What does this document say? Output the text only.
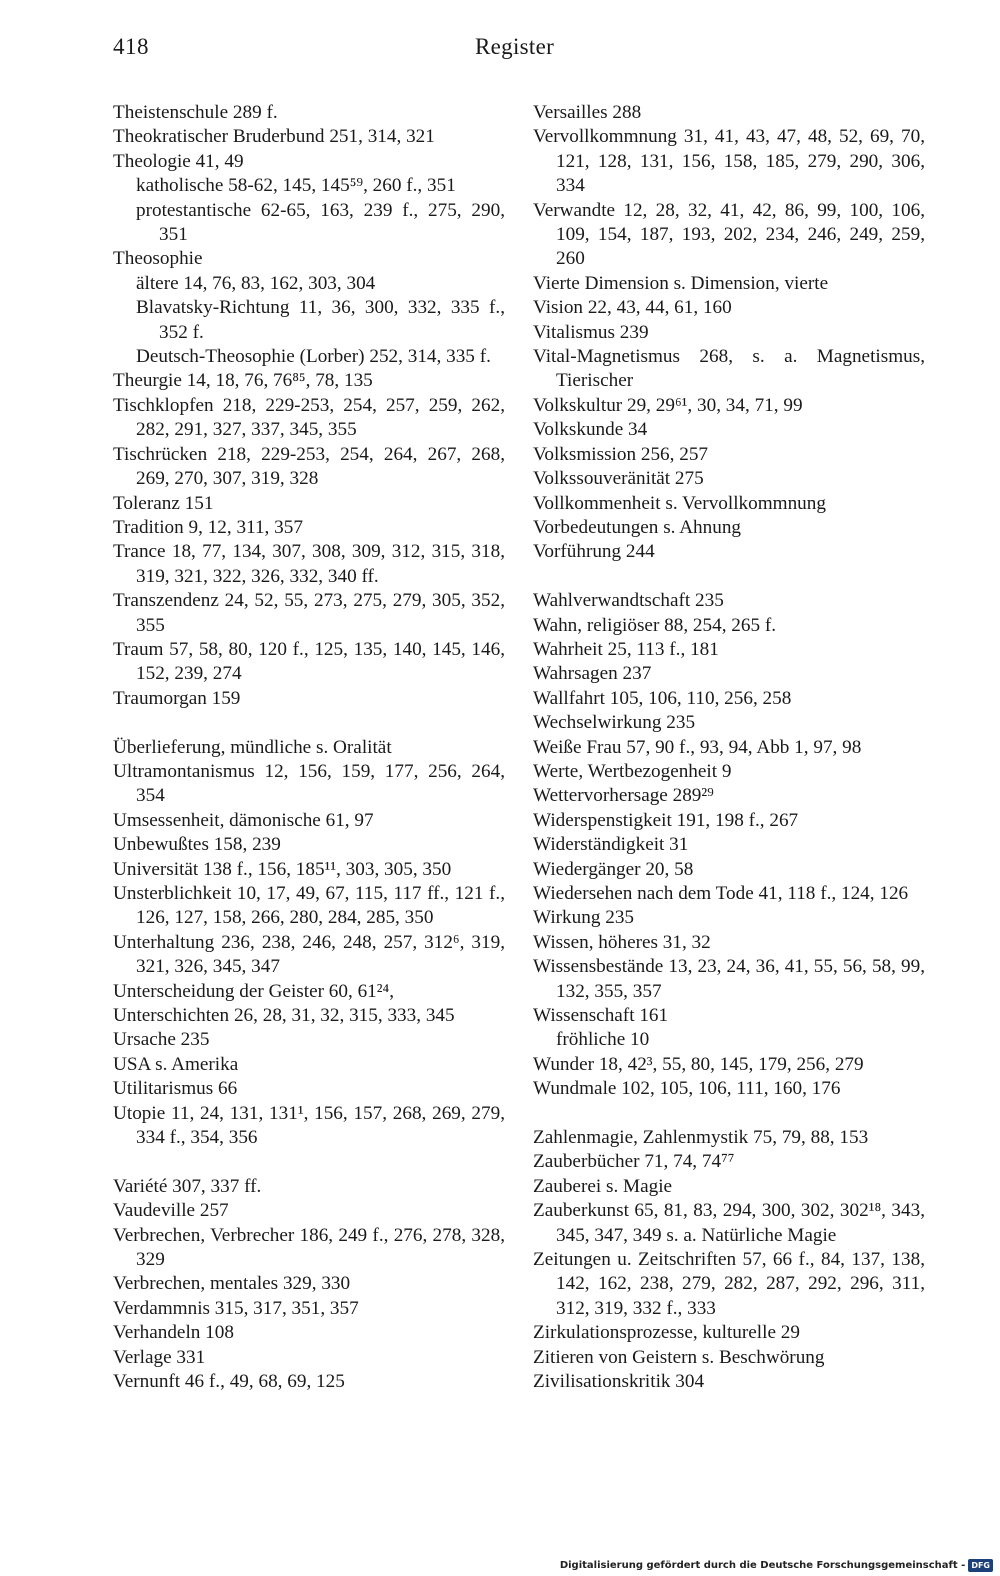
418	Register

Theistenschule 289 f.

Theokratischer Bruderbund 251, 314, 321

Theologie 41, 49

katholische 58-62, 145, 145⁵⁹, 260 f., 351

protestantische 62-65, 163, 239 f., 275, 290, 351

Theosophie

ältere 14, 76, 83, 162, 303, 304

Blavatsky-Richtung 11, 36, 300, 332, 335 f., 352 f.

Deutsch-Theosophie (Lorber) 252, 314, 335 f.

Theurgie 14, 18, 76, 76⁸⁵, 78, 135

Tischklopfen 218, 229-253, 254, 257, 259, 262, 282, 291, 327, 337, 345, 355

Tischrücken 218, 229-253, 254, 264, 267, 268, 269, 270, 307, 319, 328

Toleranz 151

Tradition 9, 12, 311, 357

Trance 18, 77, 134, 307, 308, 309, 312, 315, 318, 319, 321, 322, 326, 332, 340 ff.

Transzendenz 24, 52, 55, 273, 275, 279, 305, 352, 355

Traum 57, 58, 80, 120 f., 125, 135, 140, 145, 146, 152, 239, 274

Traumorgan 159

Überlieferung, mündliche s. Oralität

Ultramontanismus 12, 156, 159, 177, 256, 264, 354

Umsessenheit, dämonische 61, 97

Unbewußtes 158, 239

Universität 138 f., 156, 185¹¹, 303, 305, 350

Unsterblichkeit 10, 17, 49, 67, 115, 117 ff., 121 f., 126, 127, 158, 266, 280, 284, 285, 350

Unterhaltung 236, 238, 246, 248, 257, 312⁶, 319, 321, 326, 345, 347

Unterscheidung der Geister 60, 61²⁴,

Unterschichten 26, 28, 31, 32, 315, 333, 345

Ursache 235

USA s. Amerika

Utilitarismus 66

Utopie 11, 24, 131, 131¹, 156, 157, 268, 269, 279, 334 f., 354, 356

Variété 307, 337 ff.

Vaudeville 257

Verbrechen, Verbrecher 186, 249 f., 276, 278, 328, 329

Verbrechen, mentales 329, 330

Verdammnis 315, 317, 351, 357

Verhandeln 108

Verlage 331

Vernunft 46 f., 49, 68, 69, 125

Versailles 288

Vervollkommnung 31, 41, 43, 47, 48, 52, 69, 70, 121, 128, 131, 156, 158, 185, 279, 290, 306, 334

Verwandte 12, 28, 32, 41, 42, 86, 99, 100, 106, 109, 154, 187, 193, 202, 234, 246, 249, 259, 260

Vierte Dimension s. Dimension, vierte

Vision 22, 43, 44, 61, 160

Vitalismus 239

Vital-Magnetismus 268, s. a. Magnetismus, Tierischer

Volkskultur 29, 29⁶¹, 30, 34, 71, 99

Volkskunde 34

Volksmission 256, 257

Volkssouveränität 275

Vollkommenheit s. Vervollkommnung

Vorbedeutungen s. Ahnung

Vorführung 244

Wahlverwandtschaft 235

Wahn, religiöser 88, 254, 265 f.

Wahrheit 25, 113 f., 181

Wahrsagen 237

Wallfahrt 105, 106, 110, 256, 258

Wechselwirkung 235

Weiße Frau 57, 90 f., 93, 94, Abb 1, 97, 98

Werte, Wertbezogenheit 9

Wettervorhersage 289²⁹

Widerspenstigkeit 191, 198 f., 267

Widerständigkeit 31

Wiedergänger 20, 58

Wiedersehen nach dem Tode 41, 118 f., 124, 126

Wirkung 235

Wissen, höheres 31, 32

Wissensbestände 13, 23, 24, 36, 41, 55, 56, 58, 99, 132, 355, 357

Wissenschaft 161

fröhliche 10

Wunder 18, 42³, 55, 80, 145, 179, 256, 279

Wundmale 102, 105, 106, 111, 160, 176

Zahlenmagie, Zahlenmystik 75, 79, 88, 153

Zauberbücher 71, 74, 74⁷⁷

Zauberei s. Magie

Zauberkunst 65, 81, 83, 294, 300, 302, 302¹⁸, 343, 345, 347, 349 s. a. Natürliche Magie

Zeitungen u. Zeitschriften 57, 66 f., 84, 137, 138, 142, 162, 238, 279, 282, 287, 292, 296, 311, 312, 319, 332 f., 333

Zirkulationsprozesse, kulturelle 29

Zitieren von Geistern s. Beschwörung

Zivilisationskritik 304

Digitalisierung gefördert durch die Deutsche Forschungsgemeinschaft - DFG
